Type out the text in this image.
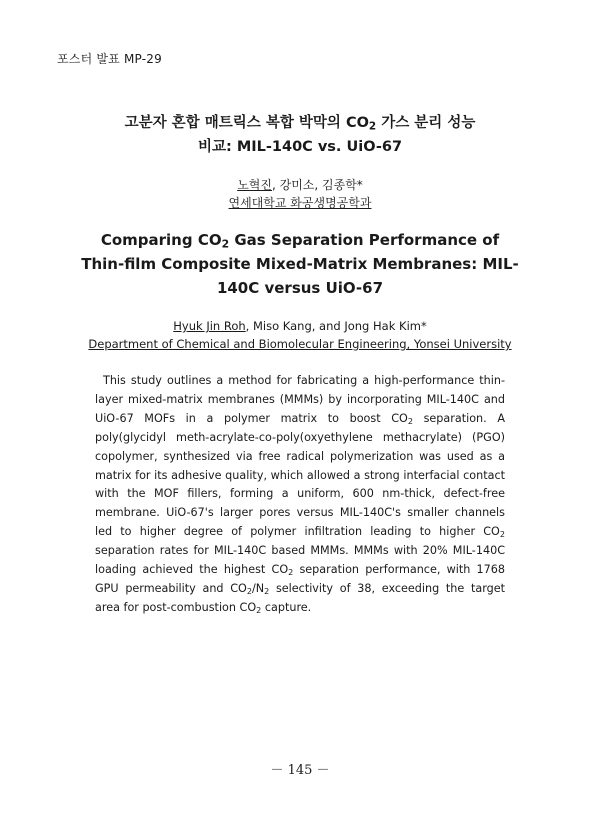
포스터 발표 MP-29
고분자 혼합 매트릭스 복합 박막의 $CO_2$ 가스 분리 성능
비교: MIL-140C vs. UiO-67
노혁진, 강미소, 김종학*
연세대학교 화공생명공학과
Comparing $CO_2$ Gas Separation Performance of Thin-film Composite Mixed-Matrix Membranes: MIL-140C versus UiO-67
Hyuk Jin Roh, Miso Kang, and Jong Hak Kim*
Department of Chemical and Biomolecular Engineering, Yonsei University
This study outlines a method for fabricating a high-performance thin-layer mixed-matrix membranes (MMMs) by incorporating MIL-140C and UiO-67 MOFs in a polymer matrix to boost $CO_2$ separation. A poly(glycidyl meth-acrylate-co-poly(oxyethylene methacrylate) (PGO) copolymer, synthesized via free radical polymerization was used as a matrix for its adhesive quality, which allowed a strong interfacial contact with the MOF fillers, forming a uniform, 600 nm-thick, defect-free membrane. UiO-67's larger pores versus MIL-140C's smaller channels led to higher degree of polymer infiltration leading to higher $CO_2$ separation rates for MIL-140C based MMMs. MMMs with 20% MIL-140C loading achieved the highest $CO_2$ separation performance, with 1768 GPU permeability and $CO_2/N_2$ selectivity of 38, exceeding the target area for post-combustion $CO_2$ capture.
－ 145 －
